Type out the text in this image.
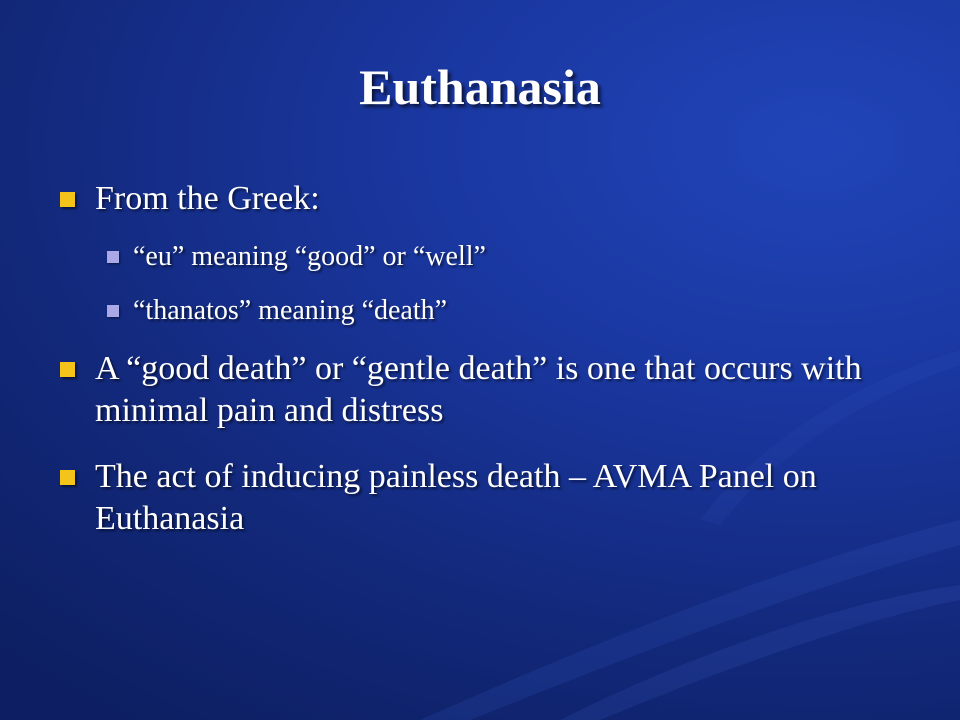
Euthanasia
From the Greek:
“eu” meaning “good” or “well”
“thanatos” meaning “death”
A “good death” or “gentle death” is one that occurs with minimal pain and distress
The act of inducing painless death – AVMA Panel on Euthanasia
